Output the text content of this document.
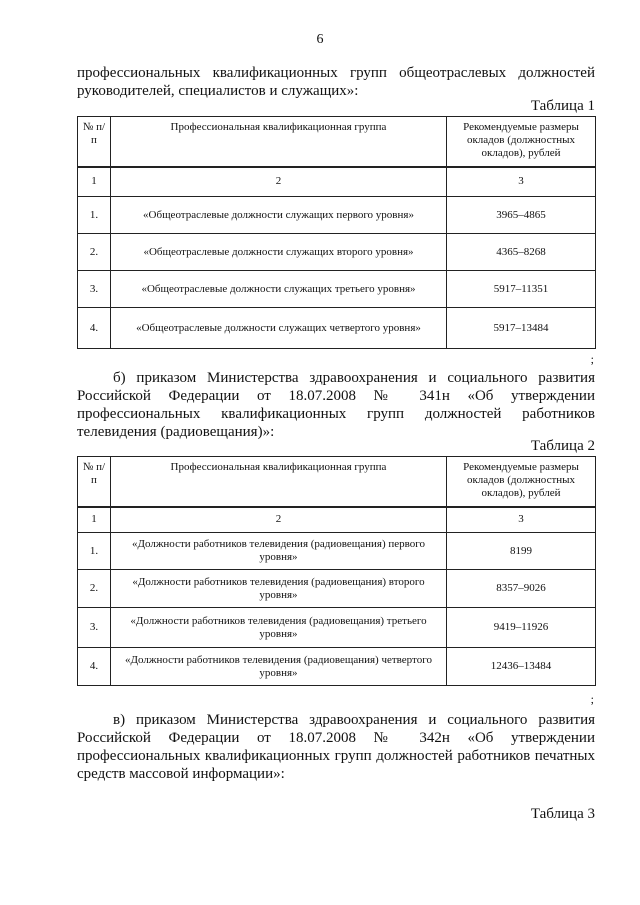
6
профессиональных квалификационных групп общеотраслевых должностей
руководителей, специалистов и служащих»:
Таблица 1
№ п/п	Профессиональная квалификационная группа	Рекомендуемые размеры окладов (должностных окладов), рублей
1	2	3
1.	«Общеотраслевые должности служащих первого уровня»	3965–4865
2.	«Общеотраслевые должности служащих второго уровня»	4365–8268
3.	«Общеотраслевые должности служащих третьего уровня»	5917–11351
4.	«Общеотраслевые должности служащих четвертого уровня»	5917–13484
;
б) приказом Министерства здравоохранения и социального развития
Российской Федерации от 18.07.2008 № 341н «Об утверждении
профессиональных квалификационных групп должностей работников
телевидения (радиовещания)»:
Таблица 2
№ п/п	Профессиональная квалификационная группа	Рекомендуемые размеры окладов (должностных окладов), рублей
1	2	3
1.	«Должности работников телевидения (радиовещания) первого уровня»	8199
2.	«Должности работников телевидения (радиовещания) второго уровня»	8357–9026
3.	«Должности работников телевидения (радиовещания) третьего уровня»	9419–11926
4.	«Должности работников телевидения (радиовещания) четвертого уровня»	12436–13484
;
в) приказом Министерства здравоохранения и социального развития
Российской Федерации от 18.07.2008 № 342н «Об утверждении
профессиональных квалификационных групп должностей работников печатных
средств массовой информации»:
Таблица 3
